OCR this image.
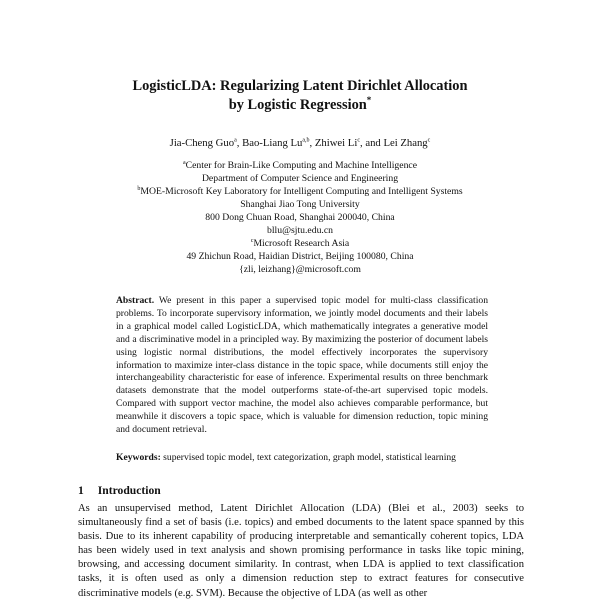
LogisticLDA: Regularizing Latent Dirichlet Allocation
by Logistic Regression*
Jia-Cheng Guo$^a$, Bao-Liang Lu$^{a,b}$, Zhiwei Li$^c$, and Lei Zhang$^c$
$^a$Center for Brain-Like Computing and Machine Intelligence
Department of Computer Science and Engineering
$^b$MOE-Microsoft Key Laboratory for Intelligent Computing and Intelligent Systems
Shanghai Jiao Tong University
800 Dong Chuan Road, Shanghai 200040, China
bllu@sjtu.edu.cn
$^c$Microsoft Research Asia
49 Zhichun Road, Haidian District, Beijing 100080, China
{zli, leizhang}@microsoft.com
Abstract. We present in this paper a supervised topic model for multi-class classification problems. To incorporate supervisory information, we jointly model documents and their labels in a graphical model called LogisticLDA, which mathematically integrates a generative model and a discriminative model in a principled way. By maximizing the posterior of document labels using logistic normal distributions, the model effectively incorporates the supervisory information to maximize inter-class distance in the topic space, while documents still enjoy the interchangeability characteristic for ease of inference. Experimental results on three benchmark datasets demonstrate that the model outperforms state-of-the-art supervised topic models. Compared with support vector machine, the model also achieves comparable performance, but meanwhile it discovers a topic space, which is valuable for dimension reduction, topic mining and document retrieval.
Keywords: supervised topic model, text categorization, graph model, statistical learning
1 Introduction
As an unsupervised method, Latent Dirichlet Allocation (LDA) (Blei et al., 2003) seeks to simultaneously find a set of basis (i.e. topics) and embed documents to the latent space spanned by this basis. Due to its inherent capability of producing interpretable and semantically coherent topics, LDA has been widely used in text analysis and shown promising performance in tasks like topic mining, browsing, and accessing document similarity. In contrast, when LDA is applied to text classification tasks, it is often used as only a dimension reduction step to extract features for consecutive discriminative models (e.g. SVM). Because the objective of LDA (as well as other
